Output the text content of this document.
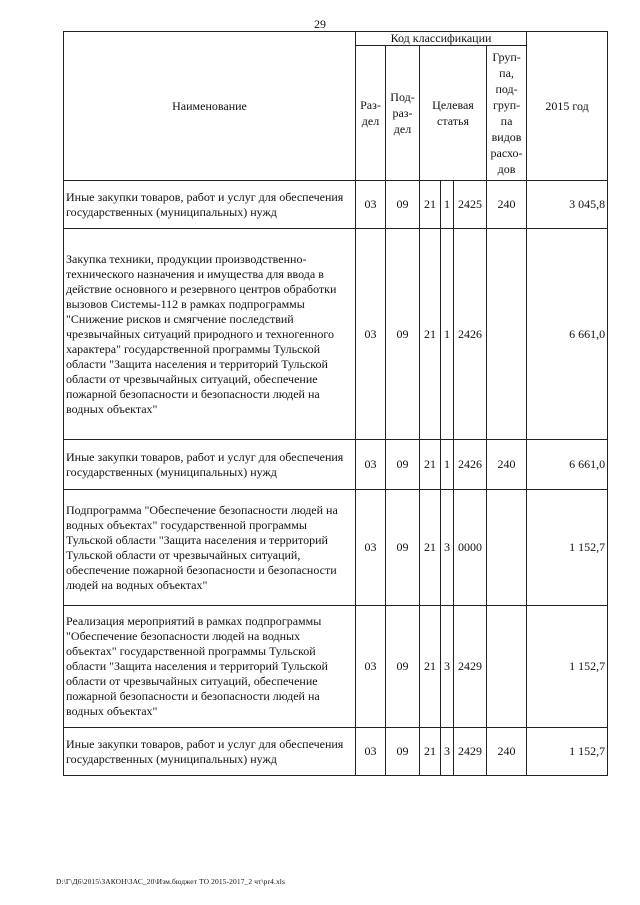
29
Наименование	Код классификации						2015 год
	Раз-дел	Под-раз-дел	Целевая статья			Груп-па, под-груп-па видов расхо-дов	
Иные закупки товаров, работ и услуг для обеспечения государственных (муниципальных) нужд	03	09	21	1	2425	240	3 045,8
Закупка техники, продукции производственно-технического назначения и имущества для ввода в действие основного и резервного центров обработки вызовов Системы-112 в рамках подпрограммы "Снижение рисков и смягчение последствий чрезвычайных ситуаций природного и техногенного характера" государственной программы Тульской области "Защита населения и территорий Тульской области от чрезвычайных ситуаций, обеспечение пожарной безопасности и безопасности людей на водных объектах"	03	09	21	1	2426		6 661,0
Иные закупки товаров, работ и услуг для обеспечения государственных (муниципальных) нужд	03	09	21	1	2426	240	6 661,0
Подпрограмма "Обеспечение безопасности людей на водных объектах" государственной программы Тульской области "Защита населения и территорий Тульской области от чрезвычайных ситуаций, обеспечение пожарной безопасности и безопасности людей на водных объектах"	03	09	21	3	0000		1 152,7
Реализация мероприятий в рамках подпрограммы "Обеспечение безопасности людей на водных объектах" государственной программы Тульской области "Защита населения и территорий Тульской области от чрезвычайных ситуаций, обеспечение пожарной безопасности и безопасности людей на водных объектах"	03	09	21	3	2429		1 152,7
Иные закупки товаров, работ и услуг для обеспечения государственных (муниципальных) нужд	03	09	21	3	2429	240	1 152,7
D:\Г\Д6\2015\ЗАКОН\ЗАС_20\Изм.бюджет ТО 2015-2017_2 чт\pr4.xls
